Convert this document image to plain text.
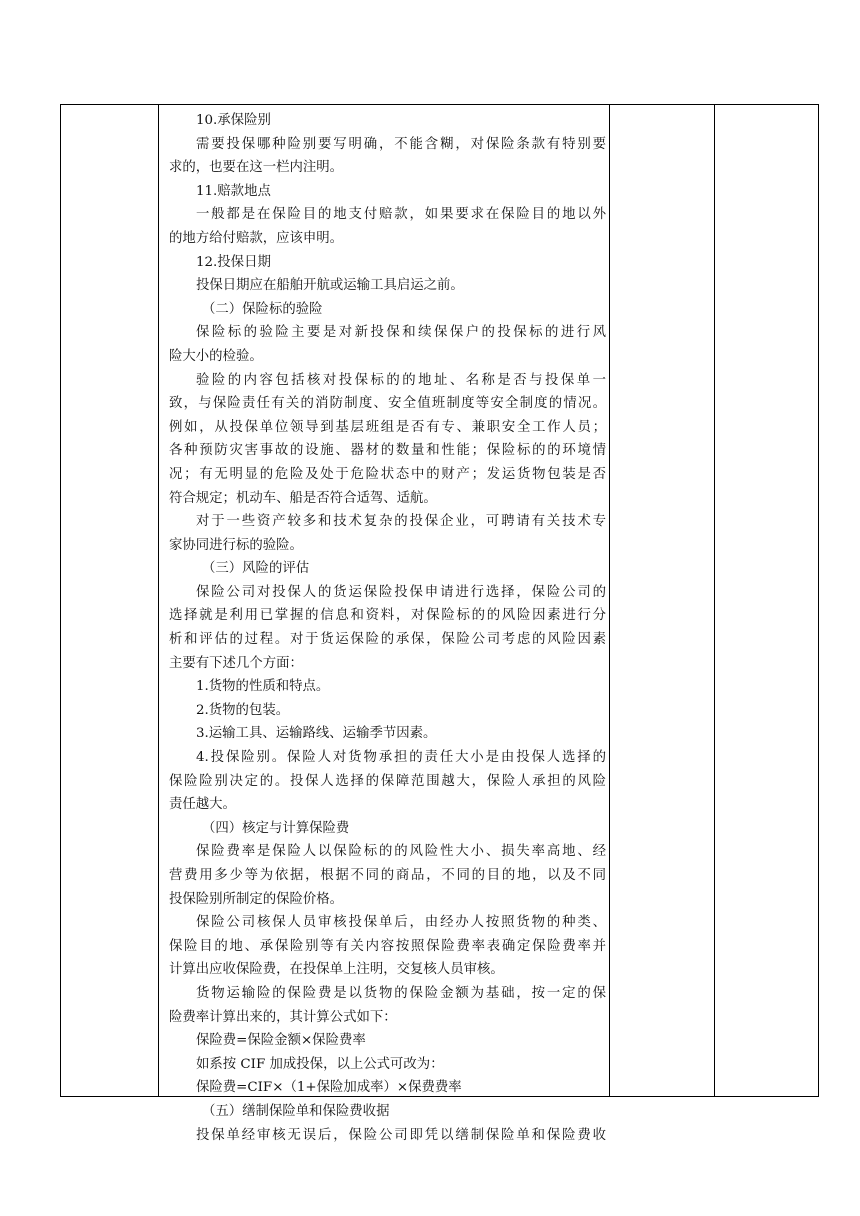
10.承保险别
需要投保哪种险别要写明确，不能含糊，对保险条款有特别要
求的，也要在这一栏内注明。
11.赔款地点
一般都是在保险目的地支付赔款，如果要求在保险目的地以外
的地方给付赔款，应该申明。
12.投保日期
投保日期应在船舶开航或运输工具启运之前。
（二）保险标的验险
保险标的验险主要是对新投保和续保保户的投保标的进行风
险大小的检验。
验险的内容包括核对投保标的的地址、名称是否与投保单一
致，与保险责任有关的消防制度、安全值班制度等安全制度的情况。
例如，从投保单位领导到基层班组是否有专、兼职安全工作人员；
各种预防灾害事故的设施、器材的数量和性能；保险标的的环境情
况；有无明显的危险及处于危险状态中的财产；发运货物包装是否
符合规定；机动车、船是否符合适驾、适航。
对于一些资产较多和技术复杂的投保企业，可聘请有关技术专
家协同进行标的验险。
（三）风险的评估
保险公司对投保人的货运保险投保申请进行选择，保险公司的
选择就是利用已掌握的信息和资料，对保险标的的风险因素进行分
析和评估的过程。对于货运保险的承保，保险公司考虑的风险因素
主要有下述几个方面：
1.货物的性质和特点。
2.货物的包装。
3.运输工具、运输路线、运输季节因素。
4.投保险别。保险人对货物承担的责任大小是由投保人选择的
保险险别决定的。投保人选择的保障范围越大，保险人承担的风险
责任越大。
（四）核定与计算保险费
保险费率是保险人以保险标的的风险性大小、损失率高地、经
营费用多少等为依据，根据不同的商品，不同的目的地，以及不同
投保险别所制定的保险价格。
保险公司核保人员审核投保单后，由经办人按照货物的种类、
保险目的地、承保险别等有关内容按照保险费率表确定保险费率并
计算出应收保险费，在投保单上注明，交复核人员审核。
货物运输险的保险费是以货物的保险金额为基础，按一定的保
险费率计算出来的，其计算公式如下：
保险费=保险金额×保险费率
如系按 CIF 加成投保，以上公式可改为：
保险费=CIF×（1+保险加成率）×保费费率
（五）缮制保险单和保险费收据
投保单经审核无误后，保险公司即凭以缮制保险单和保险费收
